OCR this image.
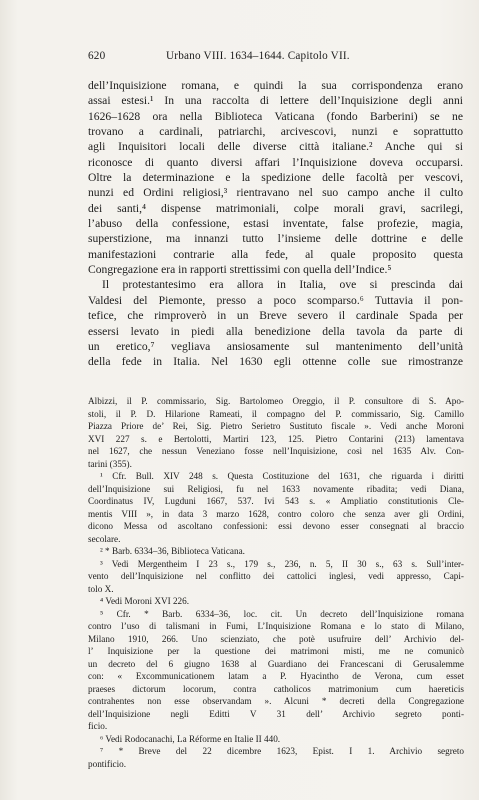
620	Urbano VIII. 1634–1644. Capitolo VII.

dell’Inquisizione romana, e quindi la sua corrispondenza erano
assai estesi.¹ In una raccolta di lettere dell’Inquisizione degli anni
1626–1628 ora nella Biblioteca Vaticana (fondo Barberini) se ne
trovano a cardinali, patriarchi, arcivescovi, nunzi e soprattutto
agli Inquisitori locali delle diverse città italiane.² Anche qui si
riconosce di quanto diversi affari l’Inquisizione doveva occuparsi.
Oltre la determinazione e la spedizione delle facoltà per vescovi,
nunzi ed Ordini religiosi,³ rientravano nel suo campo anche il culto
dei santi,⁴ dispense matrimoniali, colpe morali gravi, sacrilegi,
l’abuso della confessione, estasi inventate, false profezie, magia,
superstizione, ma innanzi tutto l’insieme delle dottrine e delle
manifestazioni contrarie alla fede, al quale proposito questa
Congregazione era in rapporti strettissimi con quella dell’Indice.⁵

Il protestantesimo era allora in Italia, ove si prescinda dai
Valdesi del Piemonte, presso a poco scomparso.⁶ Tuttavia il pon-
tefice, che rimproverò in un Breve severo il cardinale Spada per
essersi levato in piedi alla benedizione della tavola da parte di
un eretico,⁷ vegliava ansiosamente sul mantenimento dell’unità
della fede in Italia. Nel 1630 egli ottenne colle sue rimostranze

Albizzi, il P. commissario, Sig. Bartolomeo Oreggio, il P. consultore di S. Apo-
stoli, il P. D. Hilarione Rameati, il compagno del P. commissario, Sig. Camillo
Piazza Priore de’ Rei, Sig. Pietro Serietro Sustituto fiscale ». Vedi anche Moroni
XVI 227 s. e Bertolotti, Martiri 123, 125. Pietro Contarini (213) lamentava
nel 1627, che nessun Veneziano fosse nell’Inquisizione, così nel 1635 Alv. Con-
tarini (355).
¹ Cfr. Bull. XIV 248 s. Questa Costituzione del 1631, che riguarda i diritti
dell’Inquisizione sui Religiosi, fu nel 1633 novamente ribadita; vedi Diana,
Coordinatus IV, Lugduni 1667, 537. Ivi 543 s. « Ampliatio constitutionis Cle-
mentis VIII », in data 3 marzo 1628, contro coloro che senza aver gli Ordini,
dicono Messa od ascoltano confessioni: essi devono esser consegnati al braccio
secolare.
² * Barb. 6334–36, Biblioteca Vaticana.
³ Vedi Mergentheim I 23 s., 179 s., 236, n. 5, II 30 s., 63 s. Sull’inter-
vento dell’Inquisizione nel conflitto dei cattolici inglesi, vedi appresso, Capi-
tolo X.
⁴ Vedi Moroni XVI 226.
⁵ Cfr. * Barb. 6334–36, loc. cit. Un decreto dell’Inquisizione romana
contro l’uso di talismani in Fumi, L’Inquisizione Romana e lo stato di Milano,
Milano 1910, 266. Uno scienziato, che potè usufruire dell’ Archivio del-
l’ Inquisizione per la questione dei matrimoni misti, me ne comunicò
un decreto del 6 giugno 1638 al Guardiano dei Francescani di Gerusalemme
con: « Excommunicationem latam a P. Hyacintho de Verona, cum esset
praeses dictorum locorum, contra catholicos matrimonium cum haereticis
contrahentes non esse observandam ». Alcuni * decreti della Congregazione
dell’Inquisizione negli Editti V 31 dell’ Archivio segreto ponti-
ficio.
⁶ Vedi Rodocanachi, La Réforme en Italie II 440.
⁷ * Breve del 22 dicembre 1623, Epist. I 1. Archivio segreto
pontificio.
